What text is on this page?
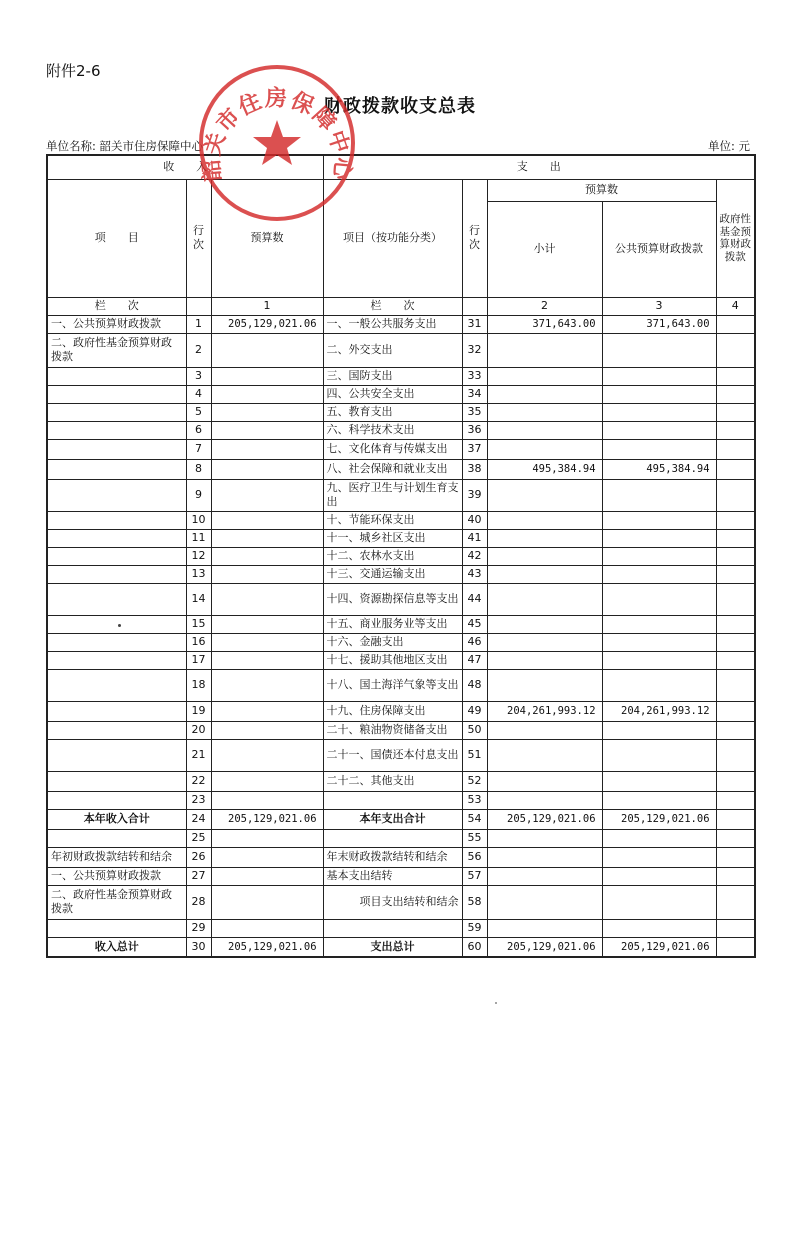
附件2-6
财政拨款收支总表
单位名称: 韶关市住房保障中心	单位: 元
收　　入			支　　出				
项　　目	行次	预算数	项目（按功能分类）	行次	预算数		政府性基金预算财政拨款
					小计	公共预算财政拨款	
栏　　次		1	栏　　次		2	3	4
一、公共预算财政拨款	1	205,129,021.06	一、一般公共服务支出	31	371,643.00	371,643.00	
二、政府性基金预算财政拨款	2		二、外交支出	32			
	3		三、国防支出	33			
	4		四、公共安全支出	34			
	5		五、教育支出	35			
	6		六、科学技术支出	36			
	7		七、文化体育与传媒支出	37			
	8		八、社会保障和就业支出	38	495,384.94	495,384.94	
	9		九、医疗卫生与计划生育支出	39			
	10		十、节能环保支出	40			
	11		十一、城乡社区支出	41			
	12		十二、农林水支出	42			
	13		十三、交通运输支出	43			
	14		十四、资源勘探信息等支出	44			
	15		十五、商业服务业等支出	45			
	16		十六、金融支出	46			
	17		十七、援助其他地区支出	47			
	18		十八、国土海洋气象等支出	48			
	19		十九、住房保障支出	49	204,261,993.12	204,261,993.12	
	20		二十、粮油物资储备支出	50			
	21		二十一、国债还本付息支出	51			
	22		二十二、其他支出	52			
	23			53			
本年收入合计	24	205,129,021.06	本年支出合计	54	205,129,021.06	205,129,021.06	
	25			55			
年初财政拨款结转和结余	26		年末财政拨款结转和结余	56			
一、公共预算财政拨款	27		基本支出结转	57			
二、政府性基金预算财政拨款	28		项目支出结转和结余	58			
	29			59			
收入总计	30	205,129,021.06	支出总计	60	205,129,021.06	205,129,021.06	
韶关市住房保障中心
